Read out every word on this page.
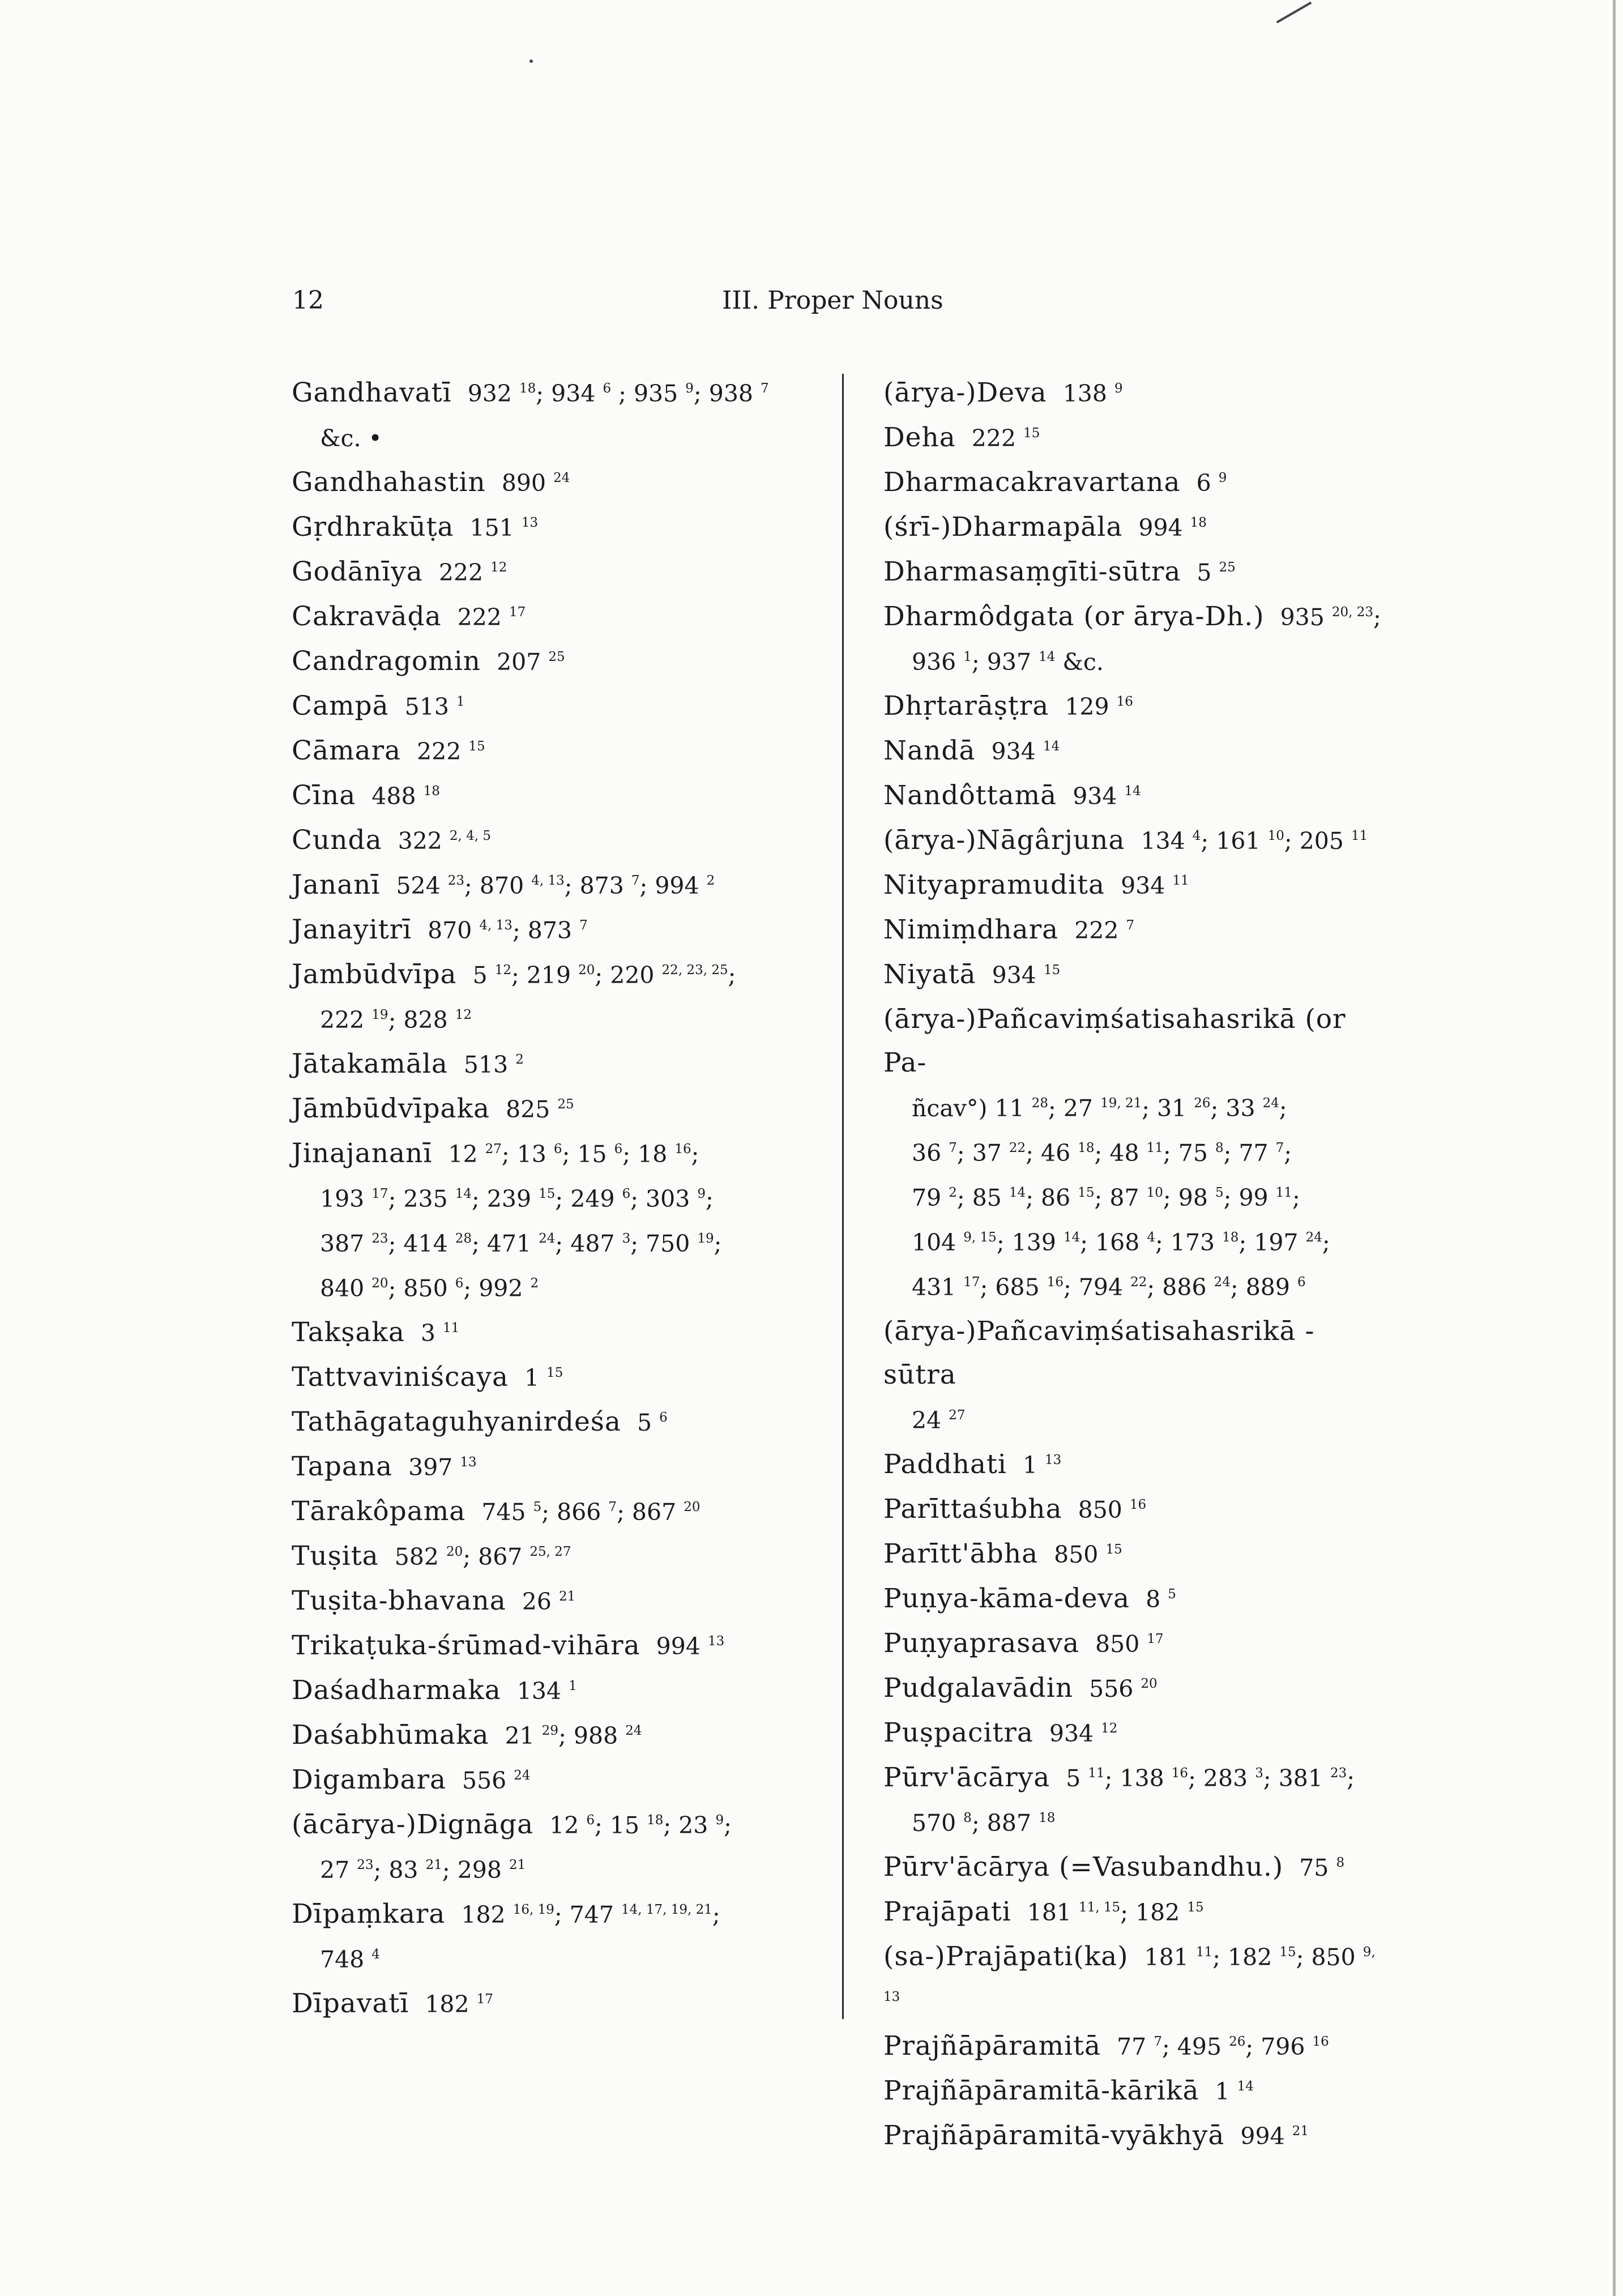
12	III. Proper Nouns
Gandhavatī 932 $^{18}$; 934 $^6$ ; 935 $^9$; 938 $^7$
&c. •
Gandhahastin 890 $^{24}$
Gṛdhrakūṭa 151 $^{13}$
Godānīya 222 $^{12}$
Cakravāḍa 222 $^{17}$
Candragomin 207 $^{25}$
Campā 513 $^1$
Cāmara 222 $^{15}$
Cīna 488 $^{18}$
Cunda 322 $^{2, 4, 5}$
Jananī 524 $^{23}$; 870 $^{4, 13}$; 873 $^7$; 994 $^2$
Janayitrī 870 $^{4, 13}$; 873 $^7$
Jambūdvīpa 5 $^{12}$; 219 $^{20}$; 220 $^{22, 23, 25}$;
222 $^{19}$; 828 $^{12}$
Jātakamāla 513 $^2$
Jāmbūdvīpaka 825 $^{25}$
Jinajananī 12 $^{27}$; 13 $^6$; 15 $^6$; 18 $^{16}$;
193 $^{17}$; 235 $^{14}$; 239 $^{15}$; 249 $^6$; 303 $^9$;
387 $^{23}$; 414 $^{28}$; 471 $^{24}$; 487 $^3$; 750 $^{19}$;
840 $^{20}$; 850 $^6$; 992 $^2$
Takṣaka 3 $^{11}$
Tattvaviniścaya 1 $^{15}$
Tathāgataguhyanirdeśa 5 $^6$
Tapana 397 $^{13}$
Tārakôpama 745 $^5$; 866 $^7$; 867 $^{20}$
Tuṣita 582 $^{20}$; 867 $^{25, 27}$
Tuṣita-bhavana 26 $^{21}$
Trikaṭuka-śrūmad-vihāra 994 $^{13}$
Daśadharmaka 134 $^1$
Daśabhūmaka 21 $^{29}$; 988 $^{24}$
Digambara 556 $^{24}$
(ācārya-)Dignāga 12 $^6$; 15 $^{18}$; 23 $^9$;
27 $^{23}$; 83 $^{21}$; 298 $^{21}$
Dīpaṃkara 182 $^{16, 19}$; 747 $^{14, 17, 19, 21}$;
748 $^4$
Dīpavatī 182 $^{17}$
(ārya-)Deva 138 $^9$
Deha 222 $^{15}$
Dharmacakravartana 6 $^9$
(śrī-)Dharmapāla 994 $^{18}$
Dharmasaṃgīti-sūtra 5 $^{25}$
Dharmôdgata (or ārya-Dh.) 935 $^{20, 23}$;
936 $^1$; 937 $^{14}$ &c.
Dhṛtarāṣṭra 129 $^{16}$
Nandā 934 $^{14}$
Nandôttamā 934 $^{14}$
(ārya-)Nāgârjuna 134 $^4$; 161 $^{10}$; 205 $^{11}$
Nityapramudita 934 $^{11}$
Nimiṃdhara 222 $^7$
Niyatā 934 $^{15}$
(ārya-)Pañcaviṃśatisahasrikā (or Pa-
ñcav°) 11 $^{28}$; 27 $^{19, 21}$; 31 $^{26}$; 33 $^{24}$;
36 $^7$; 37 $^{22}$; 46 $^{18}$; 48 $^{11}$; 75 $^8$; 77 $^7$;
79 $^2$; 85 $^{14}$; 86 $^{15}$; 87 $^{10}$; 98 $^5$; 99 $^{11}$;
104 $^{9, 15}$; 139 $^{14}$; 168 $^4$; 173 $^{18}$; 197 $^{24}$;
431 $^{17}$; 685 $^{16}$; 794 $^{22}$; 886 $^{24}$; 889 $^6$
(ārya-)Pañcaviṃśatisahasrikā - sūtra
24 $^{27}$
Paddhati 1 $^{13}$
Parīttaśubha 850 $^{16}$
Parītt'ābha 850 $^{15}$
Puṇya-kāma-deva 8 $^5$
Puṇyaprasava 850 $^{17}$
Pudgalavādin 556 $^{20}$
Puṣpacitra 934 $^{12}$
Pūrv'ācārya 5 $^{11}$; 138 $^{16}$; 283 $^3$; 381 $^{23}$;
570 $^8$; 887 $^{18}$
Pūrv'ācārya (=Vasubandhu.) 75 $^8$
Prajāpati 181 $^{11, 15}$; 182 $^{15}$
(sa-)Prajāpati(ka) 181 $^{11}$; 182 $^{15}$; 850 $^{9, 13}$
Prajñāpāramitā 77 $^7$; 495 $^{26}$; 796 $^{16}$
Prajñāpāramitā-kārikā 1 $^{14}$
Prajñāpāramitā-vyākhyā 994 $^{21}$
